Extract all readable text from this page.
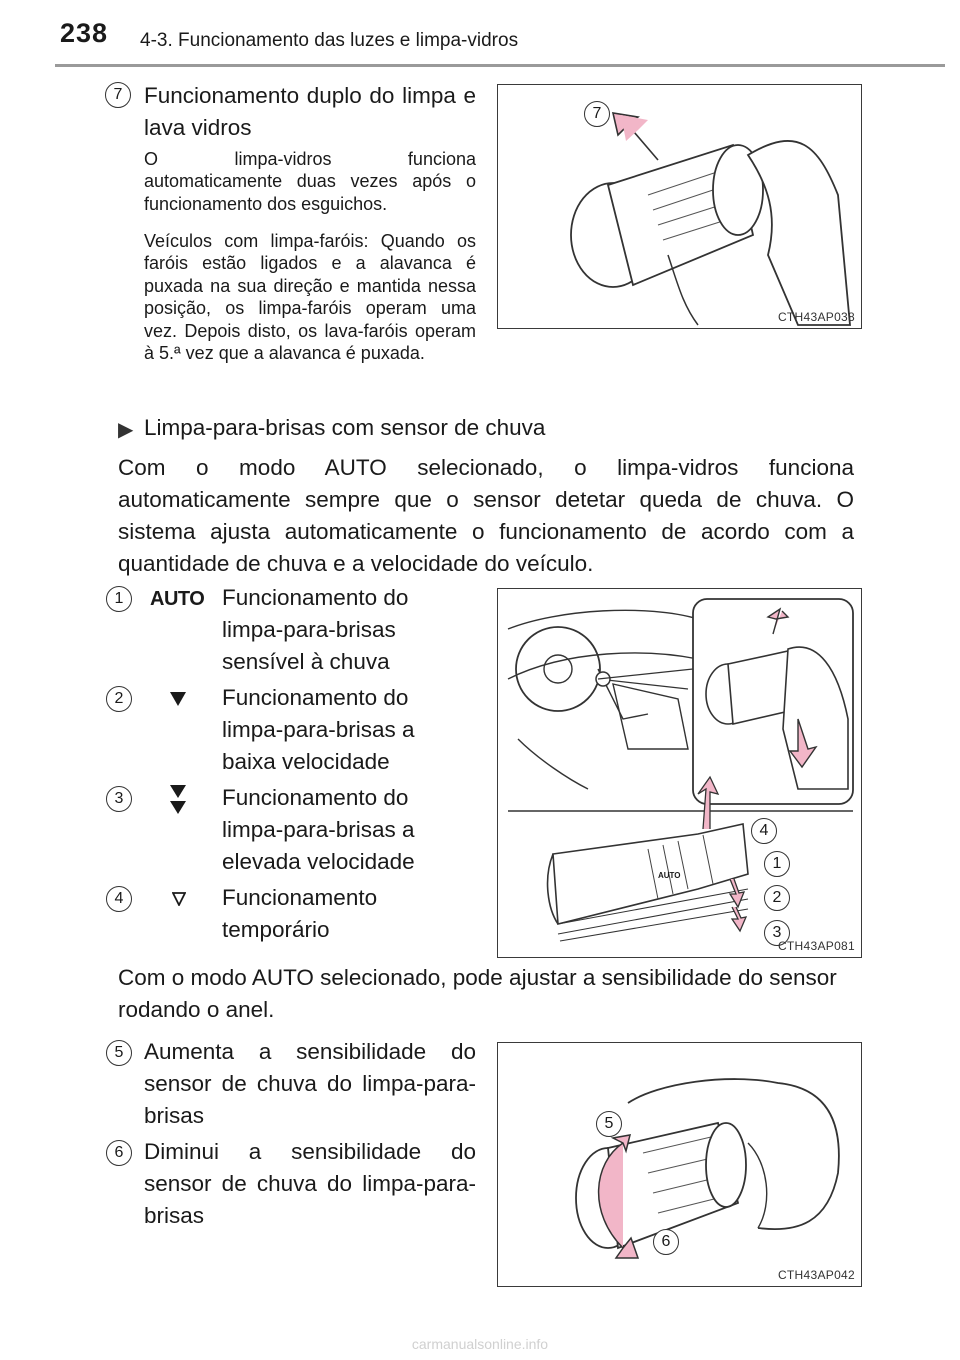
238 4-3. Funcionamento das luzes e limpa-vidros
7 Funcionamento duplo do limpa e lava vidros
O limpa-vidros funciona automaticamente duas vezes após o funcionamento dos esguichos.
Veículos com limpa-faróis: Quando os faróis estão ligados e a alavanca é puxada na sua direção e mantida nessa posição, os limpa-faróis operam uma vez. Depois disto, os lava-faróis operam à 5.ª vez que a alavanca é puxada.
7
CTH43AP038
▶ Limpa-para-brisas com sensor de chuva
Com o modo AUTO selecionado, o limpa-vidros funciona automaticamente sempre que o sensor detetar queda de chuva. O sistema ajusta automaticamente o funcionamento de acordo com a quantidade de chuva e a velocidade do veículo.
1	AUTO Funcionamento do limpa-para-brisas sensível à chuva
2	Funcionamento do limpa-para-brisas a baixa velocidade
3	Funcionamento do limpa-para-brisas a elevada velocidade
4	Funcionamento temporário
AUTO
4
1
2
3
CTH43AP081
Com o modo AUTO selecionado, pode ajustar a sensibilidade do sensor rodando o anel.
5 Aumenta a sensibilidade do sensor de chuva do limpa-para-brisas
6 Diminui a sensibilidade do sensor de chuva do limpa-para-brisas
5
6
CTH43AP042
carmanualsonline.info
